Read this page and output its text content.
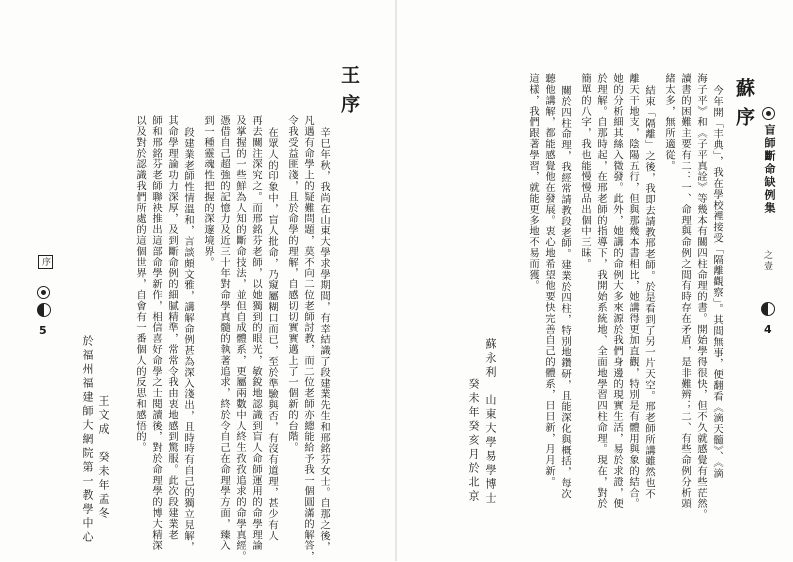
序
5
於福州福建師大網院第一教學中心 王文成　癸未年孟冬
以及對於認識我們所處的這個世界，自會有一番個人的反思和感悟的。 師和邢銘芬老師聯袂推出這部命學新作，相信喜好命學之士閱讀後，對於命理學的博大精深 其命學理論功力深厚，及到斷命例的細膩精準，常常令我由衷地感到驚服。此次段建業老 段建業老師性情溫和，言談頗文雅，講解命例甚為深入淺出，且時時有自己的獨立見解， 到一種靈魂性把握的深邃境界。 憑借自己超強的記憶力及近三十年對命學真髓的執著追求，終於令自己在命理學方面，臻入 及掌握的一些鮮為人知的斷命技法，並但自成體系，更屬兩數中人終生孜孜追求的命學真經。 再去關注深究之。而邢銘芬老師，以她獨到的眼光，敏銳地認識到盲人命師運用的命學理論 在眾人的印象中，盲人批命，乃窺屬糊口而已，至於準驗與否，有沒有道理，甚少有人 令我受益匪淺，且於命學的理解，自感切切實實邁上了一個新的台階。 凡遇有命學上的疑難問題，莫不向二位老師討教，而二位老師亦總能給予我一個圓滿的解答， 辛巳年秋，我尚在山東大學求學期間，有幸結識了段建業先生和邢銘芬女士。自那之後，
王序	蘇序
今年開「丰典」，我在學校裡接受「隔離觀察」。其間無事，便翻看《滴天髓》、《滴
海子平》和《子平真詮》等幾本有關四柱命理的書。開始學得很快，但不久就感覺有些茫然。
讀書的困難主要有二：一、命理與命例之間有時存在矛盾，是非難辨；二、有些命例分析頭
緒太多，無所適從。
結束「隔離」之後，我即去請教邢老師。於是看到了另一片天空。邢老師所講雖然也不
離天干地支，陰陽五行，但與那幾本書相比，她講得更加直觀，特別是有體用與象的結合。
她的分析細其絲入微發。此外，她講的命例大多來源於我們身邊的現實生活，易於求證，便
於理解。自那時起，在邢老師的指導下，我開始系統地、全面地學習四柱命理。現在，對於
簡單的八字，我也能慢慢品出個中三昧。
關於四柱命理，我經常請教段老師。建業於四柱，特別地鑽研，且能深化與概括，每次
聽他講解，都能感覺他在發展。衷心地希望他要快完善自己的體系，日日新，月月新。
這樣，我們跟著學習，就能更多地不易而獲。
蘇永利　山東大學易學博士
癸未年癸亥月於北京
盲師斷命缺例集
之壹
4
